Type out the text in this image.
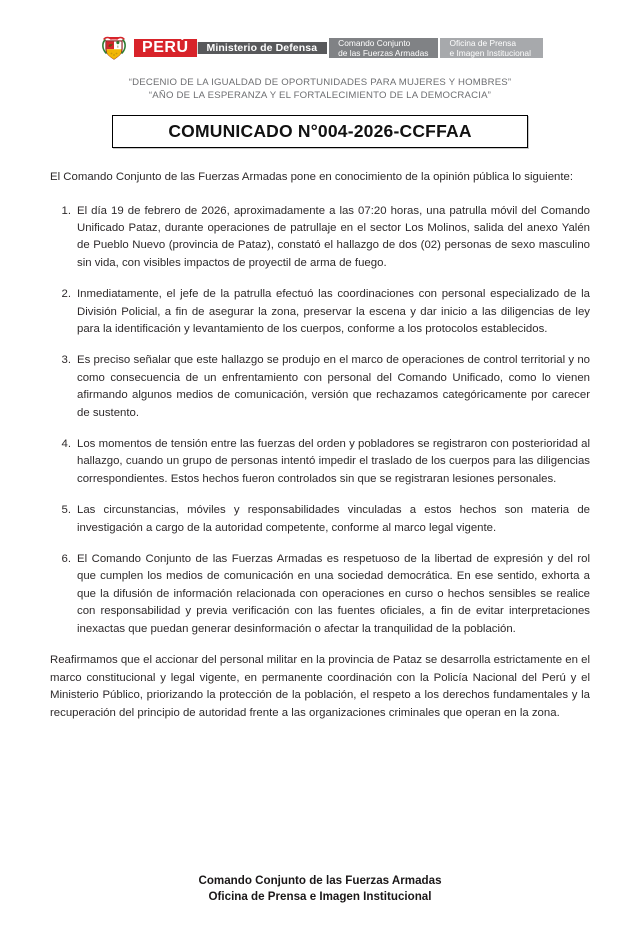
PERÚ	Ministerio de Defensa	Comando Conjunto
de las Fuerzas Armadas
Oficina de Prensa
e Imagen Institucional
“DECENIO DE LA IGUALDAD DE OPORTUNIDADES PARA MUJERES Y HOMBRES”
“AÑO DE LA ESPERANZA Y EL FORTALECIMIENTO DE LA DEMOCRACIA”
COMUNICADO N°004-2026-CCFFAA

El Comando Conjunto de las Fuerzas Armadas pone en conocimiento de la opinión pública lo siguiente:

1. El día 19 de febrero de 2026, aproximadamente a las 07:20 horas, una patrulla móvil del Comando Unificado Pataz, durante operaciones de patrullaje en el sector Los Molinos, salida del anexo Yalén de Pueblo Nuevo (provincia de Pataz), constató el hallazgo de dos (02) personas de sexo masculino sin vida, con visibles impactos de proyectil de arma de fuego.
2. Inmediatamente, el jefe de la patrulla efectuó las coordinaciones con personal especializado de la División Policial, a fin de asegurar la zona, preservar la escena y dar inicio a las diligencias de ley para la identificación y levantamiento de los cuerpos, conforme a los protocolos establecidos.
3. Es preciso señalar que este hallazgo se produjo en el marco de operaciones de control territorial y no como consecuencia de un enfrentamiento con personal del Comando Unificado, como lo vienen afirmando algunos medios de comunicación, versión que rechazamos categóricamente por carecer de sustento.
4. Los momentos de tensión entre las fuerzas del orden y pobladores se registraron con posterioridad al hallazgo, cuando un grupo de personas intentó impedir el traslado de los cuerpos para las diligencias correspondientes. Estos hechos fueron controlados sin que se registraran lesiones personales.
5. Las circunstancias, móviles y responsabilidades vinculadas a estos hechos son materia de investigación a cargo de la autoridad competente, conforme al marco legal vigente.
6. El Comando Conjunto de las Fuerzas Armadas es respetuoso de la libertad de expresión y del rol que cumplen los medios de comunicación en una sociedad democrática. En ese sentido, exhorta a que la difusión de información relacionada con operaciones en curso o hechos sensibles se realice con responsabilidad y previa verificación con las fuentes oficiales, a fin de evitar interpretaciones inexactas que puedan generar desinformación o afectar la tranquilidad de la población.

Reafirmamos que el accionar del personal militar en la provincia de Pataz se desarrolla estrictamente en el marco constitucional y legal vigente, en permanente coordinación con la Policía Nacional del Perú y el Ministerio Público, priorizando la protección de la población, el respeto a los derechos fundamentales y la recuperación del principio de autoridad frente a las organizaciones criminales que operan en la zona.

Comando Conjunto de las Fuerzas Armadas
Oficina de Prensa e Imagen Institucional
